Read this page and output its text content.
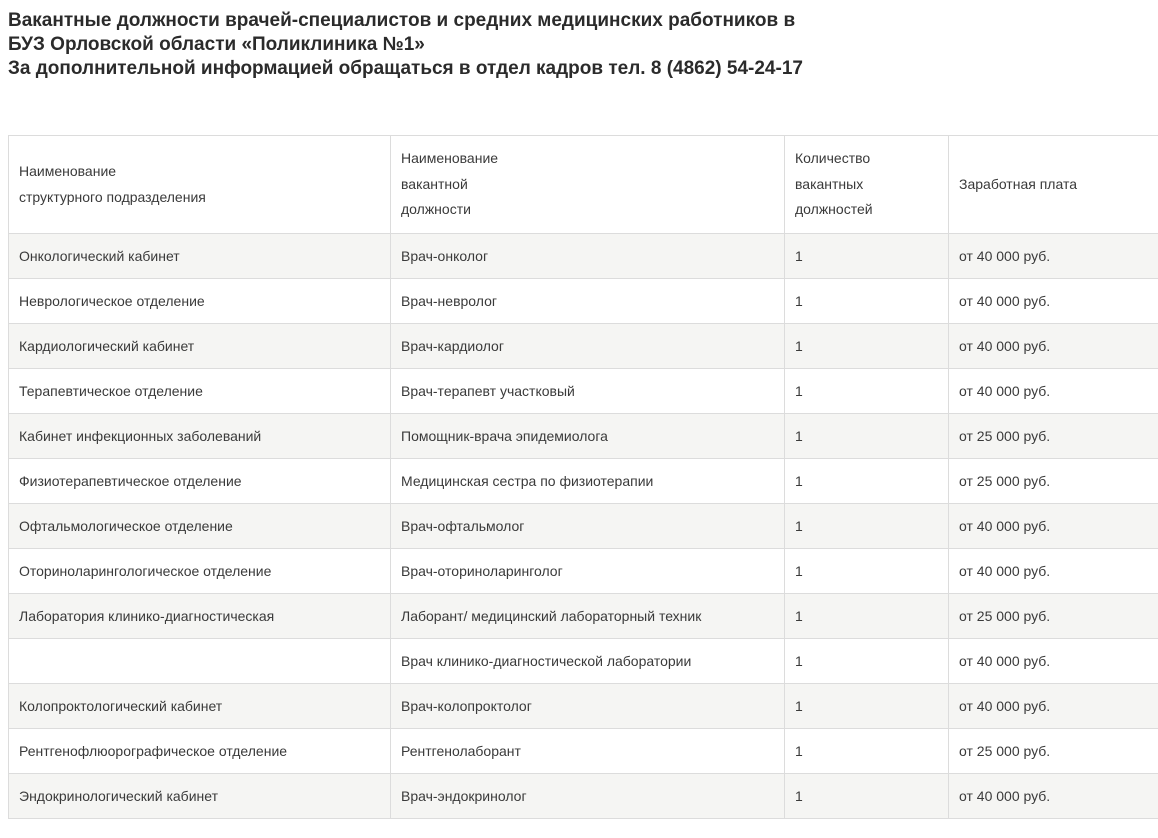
Вакантные должности врачей-специалистов и средних медицинских работников в
БУЗ Орловской области «Поликлиника №1»
За дополнительной информацией обращаться в отдел кадров тел. 8 (4862) 54-24-17
Наименование
структурного подразделения	Наименование
вакантной
должности	Количество
вакантных
должностей	Заработная плата
Онкологический кабинет	Врач-онколог	1	от 40 000 руб.
Неврологическое отделение	Врач-невролог	1	от 40 000 руб.
Кардиологический кабинет	Врач-кардиолог	1	от 40 000 руб.
Терапевтическое отделение	Врач-терапевт участковый	1	от 40 000 руб.
Кабинет инфекционных заболеваний	Помощник-врача эпидемиолога	1	от 25 000 руб.
Физиотерапевтическое отделение	Медицинская сестра по физиотерапии	1	от 25 000 руб.
Офтальмологическое отделение	Врач-офтальмолог	1	от 40 000 руб.
Оториноларингологическое отделение	Врач-оториноларинголог	1	от 40 000 руб.
Лаборатория клинико-диагностическая	Лаборант/ медицинский лабораторный техник	1	от 25 000 руб.
	Врач клинико-диагностической лаборатории	1	от 40 000 руб.
Колопроктологический кабинет	Врач-колопроктолог	1	от 40 000 руб.
Рентгенофлюорографическое отделение	Рентгенолаборант	1	от 25 000 руб.
Эндокринологический кабинет	Врач-эндокринолог	1	от 40 000 руб.
